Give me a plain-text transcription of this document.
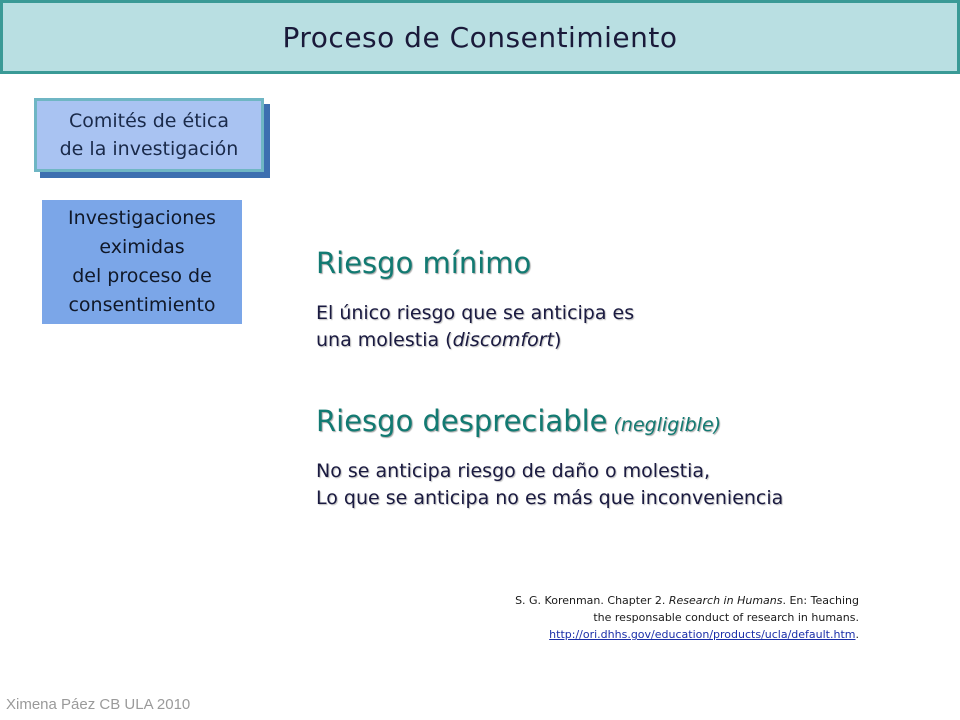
Proceso de Consentimiento
Comités de ética
de la investigación
Investigaciones
eximidas
del proceso de
consentimiento
Riesgo mínimo
El único riesgo que se anticipa es
una molestia (discomfort)
Riesgo despreciable (negligible)
No se anticipa riesgo de daño o molestia,
Lo que se anticipa no es más que inconveniencia
S. G. Korenman. Chapter 2. Research in Humans. En: Teaching
the responsable conduct of research in humans.
http://ori.dhhs.gov/education/products/ucla/default.htm.
Ximena Páez CB ULA 2010
